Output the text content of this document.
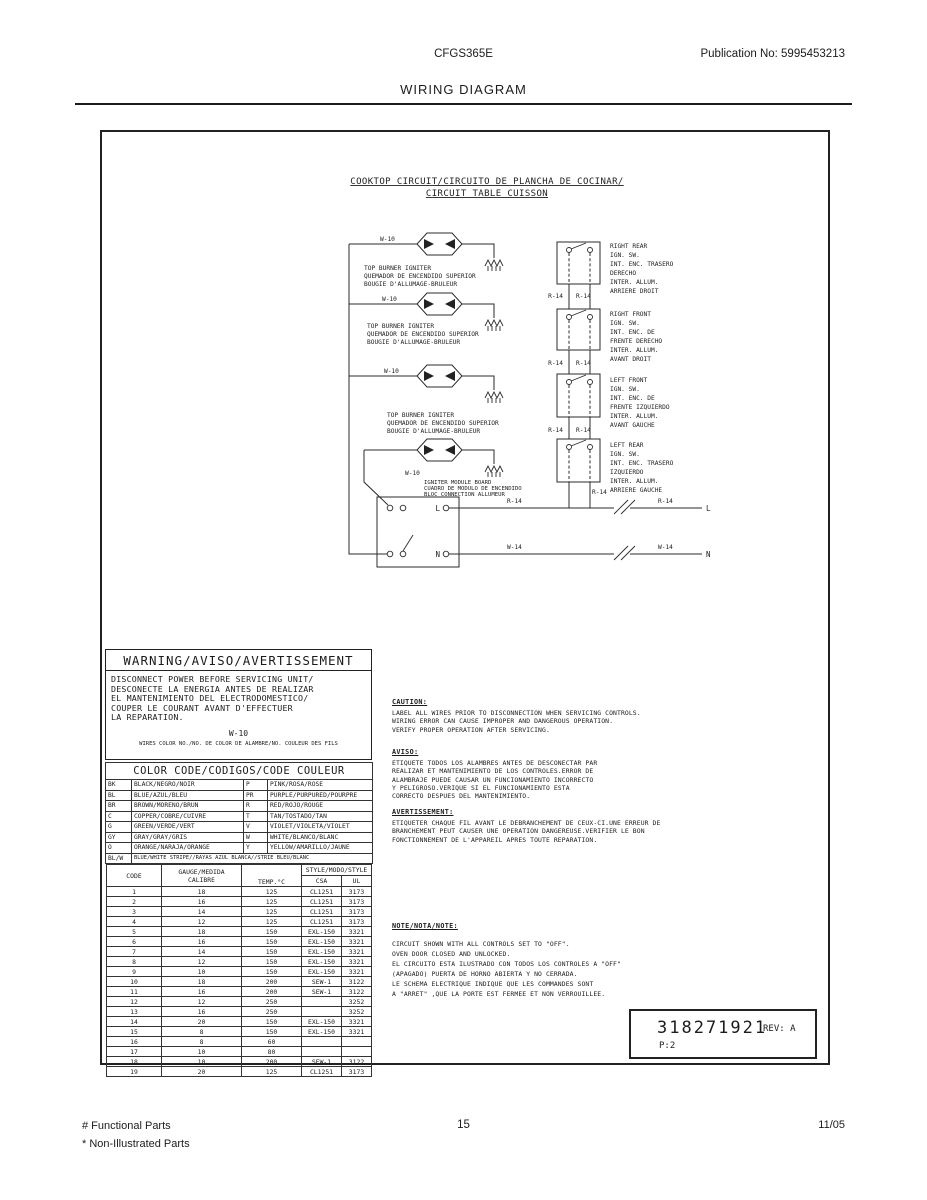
CFGS365E	Publication No: 5995453213
WIRING DIAGRAM
COOKTOP CIRCUIT/CIRCUITO DE PLANCHA DE COCINAR/
CIRCUIT TABLE CUISSON
W-10
TOP BURNER IGNITER
QUEMADOR DE ENCENDIDO SUPERIOR
BOUGIE D'ALLUMAGE-BRULEUR
W-10
TOP BURNER IGNITER
QUEMADOR DE ENCENDIDO SUPERIOR
BOUGIE D'ALLUMAGE-BRULEUR
W-10
TOP BURNER IGNITER
QUEMADOR DE ENCENDIDO SUPERIOR
BOUGIE D'ALLUMAGE-BRULEUR
W-10
IGNITER MODULE BOARD
CUADRO DE MODULO DE ENCENDIDO
BLOC CONNECTION ALLUMEUR
L
N
R-14
R-14
R-14
L
W-14	W-14
N
RIGHT REAR
IGN. SW.
INT. ENC. TRASERO
DERECHO
INTER. ALLUM.
ARRIERE DROIT
R-14 R-14
RIGHT FRONT
IGN. SW.
INT. ENC. DE
FRENTE DERECHO
INTER. ALLUM.
AVANT DROIT
R-14 R-14
LEFT FRONT
IGN. SW.
INT. ENC. DE
FRENTE IZQUIERDO
INTER. ALLUM.
AVANT GAUCHE
R-14 R-14
LEFT REAR
IGN. SW.
INT. ENC. TRASERO
IZQUIERDO
INTER. ALLUM.
ARRIERE GAUCHE
WARNING/AVISO/AVERTISSEMENT
DISCONNECT POWER BEFORE SERVICING UNIT/
DESCONECTE LA ENERGIA ANTES DE REALIZAR
EL MANTENIMIENTO DEL ELECTRODOMESTICO/
COUPER LE COURANT AVANT D'EFFECTUER
LA REPARATION.
W-10
WIRES COLOR NO./NO. DE COLOR DE ALAMBRE/NO. COULEUR DES FILS
COLOR CODE/CODIGOS/CODE COULEUR			
BK	BLACK/NEGRO/NOIR	P	PINK/ROSA/ROSE
BL	BLUE/AZUL/BLEU	PR	PURPLE/PURPURED/POURPRE
BR	BROWN/MORENO/BRUN	R	RED/ROJO/ROUGE
C	COPPER/COBRE/CUIVRE	T	TAN/TOSTADO/TAN
G	GREEN/VERDE/VERT	V	VIOLET/VIOLETA/VIOLET
GY	GRAY/GRAY/GRIS	W	WHITE/BLANCO/BLANC
O	ORANGE/NARAJA/ORANGE	Y	YELLOW/AMARILLO/JAUNE
BL/W	BLUE/WHITE STRIPE//RAYAS AZUL BLANCA//STRIE BLEU/BLANC		
CODE	GAUGE/MEDIDA
CALIBRE	TEMP.°C	STYLE/MODO/STYLE	
			CSA	UL
1	18	125	CL1251	3173
2	16	125	CL1251	3173
3	14	125	CL1251	3173
4	12	125	CL1251	3173
5	18	150	EXL-150	3321
6	16	150	EXL-150	3321
7	14	150	EXL-150	3321
8	12	150	EXL-150	3321
9	10	150	EXL-150	3321
10	18	200	SEW-1	3122
11	16	200	SEW-1	3122
12	12	250		3252
13	16	250		3252
14	20	150	EXL-150	3321
15	8	150	EXL-150	3321
16	8	60		
17	10	80		
18	10	200	SEW-1	3122
19	20	125	CL1251	3173
CAUTION:
LABEL ALL WIRES PRIOR TO DISCONNECTION WHEN SERVICING CONTROLS.
WIRING ERROR CAN CAUSE IMPROPER AND DANGEROUS OPERATION.
VERIFY PROPER OPERATION AFTER SERVICING.
AVISO:
ETIQUETE TODOS LOS ALAMBRES ANTES DE DESCONECTAR PAR
REALIZAR ET MANTENIMIENTO DE LOS CONTROLES.ERROR DE
ALAMBRAJE PUEDE CAUSAR UN FUNCIONAMIENTO INCORRECTO
Y PELIGROSO.VERIQUE SI EL FUNCIONAMIENTO ESTA
CORRECTO DESPUES DEL MANTENIMIENTO.
AVERTISSEMENT:
ETIQUETER CHAQUE FIL AVANT LE DEBRANCHEMENT DE CEUX-CI.UNE ERREUR DE
BRANCHEMENT PEUT CAUSER UNE OPERATION DANGEREUSE.VERIFIER LE BON
FONCTIONNEMENT DE L'APPAREIL APRES TOUTE REPARATION.
NOTE/NOTA/NOTE:
CIRCUIT SHOWN WITH ALL CONTROLS SET TO "OFF".
OVEN DOOR CLOSED AND UNLOCKED.
EL CIRCUITO ESTA ILUSTRADO CON TODOS LOS CONTROLES A "OFF"
(APAGADO) PUERTA DE HORNO ABIERTA Y NO CERRADA.
LE SCHEMA ELECTRIQUE INDIQUE QUE LES COMMANDES SONT
A "ARRET" ,QUE LA PORTE EST FERMEE ET NON VERROUILLEE.
318271921
REV: A
P:2
# Functional Parts
* Non-Illustrated Parts
15	11/05
